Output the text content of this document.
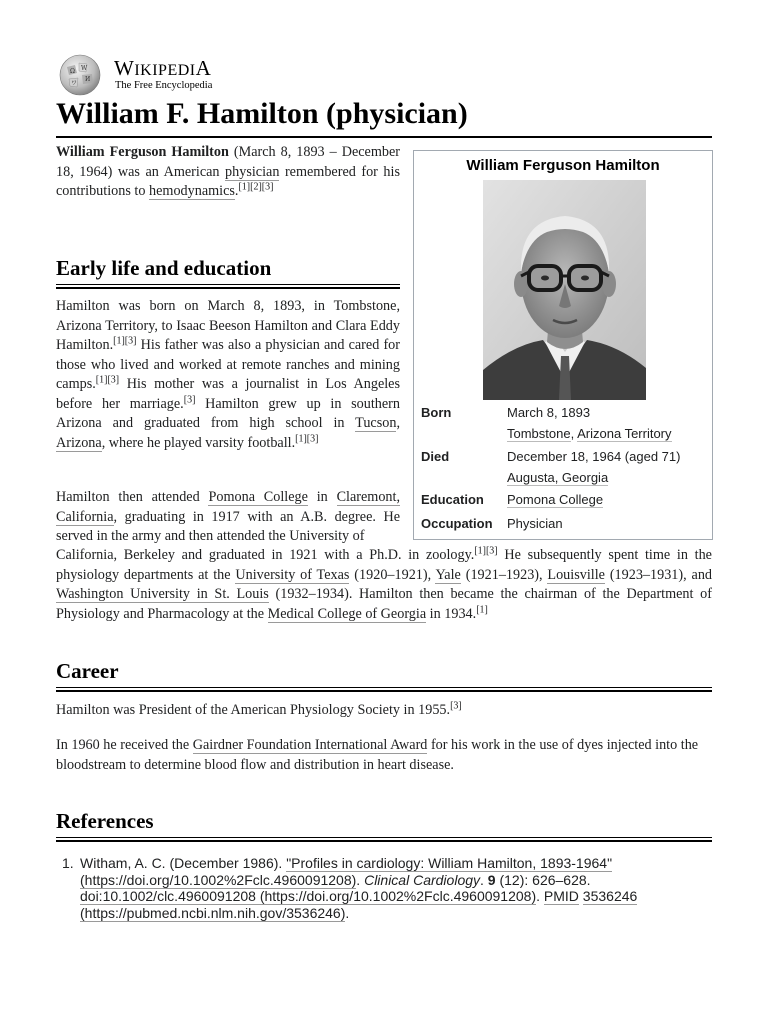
Ω W
И
ワ
WIKIPEDIA
The Free Encyclopedia
William F. Hamilton (physician)

William Ferguson Hamilton (March 8, 1893 – December 18, 1964) was an American physician remembered for his contributions to hemodynamics.[1][2][3]

Early life and education

Hamilton was born on March 8, 1893, in Tombstone, Arizona Territory, to Isaac Beeson Hamilton and Clara Eddy Hamilton.[1][3] His father was also a physician and cared for those who lived and worked at remote ranches and mining camps.[1][3] His mother was a journalist in Los Angeles before her marriage.[3] Hamilton grew up in southern Arizona and graduated from high school in Tucson, Arizona, where he played varsity football.[1][3]

Hamilton then attended Pomona College in Claremont, California, graduating in 1917 with an A.B. degree. He served in the army and then attended the University of

California, Berkeley and graduated in 1921 with a Ph.D. in zoology.[1][3] He subsequently spent time in the physiology departments at the University of Texas (1920–1921), Yale (1921–1923), Louisville (1923–1931), and Washington University in St. Louis (1932–1934). Hamilton then became the chairman of the Department of Physiology and Pharmacology at the Medical College of Georgia in 1934.[1]

Career

Hamilton was President of the American Physiology Society in 1955.[3]

In 1960 he received the Gairdner Foundation International Award for his work in the use of dyes injected into the bloodstream to determine blood flow and distribution in heart disease.

References
1. Witham, A. C. (December 1986). "Profiles in cardiology: William Hamilton, 1893-1964" (https://doi.org/10.1002%2Fclc.4960091208). Clinical Cardiology. 9 (12): 626–628. doi:10.1002/clc.4960091208 (https://doi.org/10.1002%2Fclc.4960091208). PMID 3536246 (https://pubmed.ncbi.nlm.nih.gov/3536246).
William Ferguson Hamilton
Born	March 8, 1893
Tombstone, Arizona Territory
Died	December 18, 1964 (aged 71)
Augusta, Georgia
Education	Pomona College
Occupation	Physician
